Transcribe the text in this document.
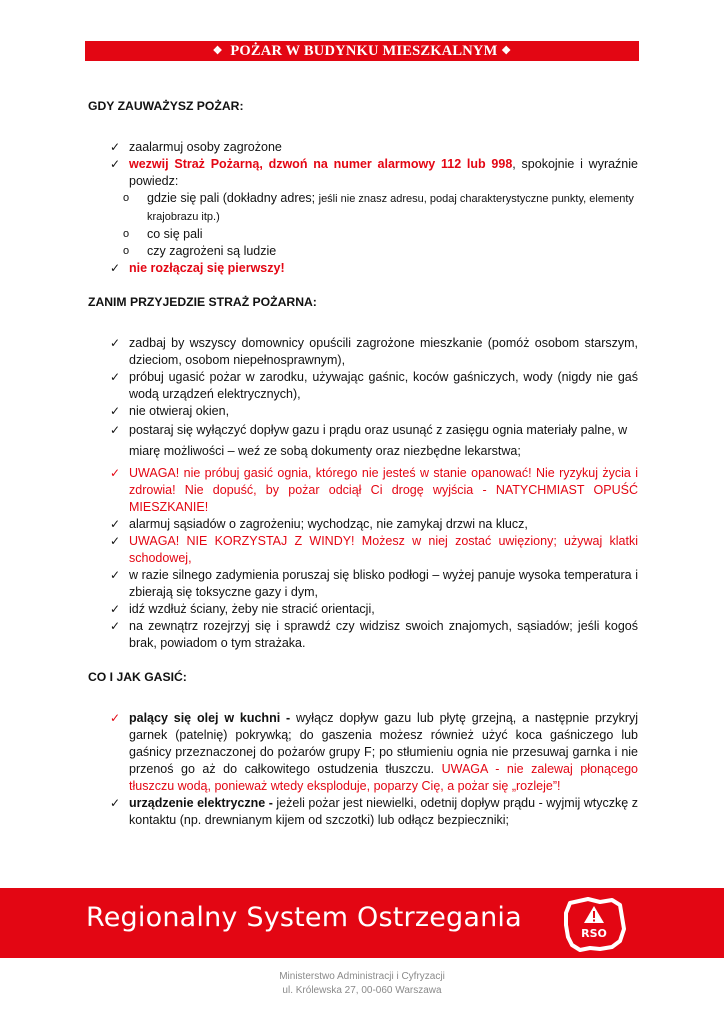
❖ POŻAR W BUDYNKU MIESZKALNYM ❖

GDY ZAUWAŻYSZ POŻAR:

✓ zaalarmuj osoby zagrożone
✓ wezwij Straż Pożarną, dzwoń na numer alarmowy 112 lub 998, spokojnie i wyraźnie powiedz:
o gdzie się pali (dokładny adres; jeśli nie znasz adresu, podaj charakterystyczne punkty, elementy krajobrazu itp.)
o co się pali
o czy zagrożeni są ludzie
✓ nie rozłączaj się pierwszy!

ZANIM PRZYJEDZIE STRAŻ POŻARNA:

✓ zadbaj by wszyscy domownicy opuścili zagrożone mieszkanie (pomóż osobom starszym, dzieciom, osobom niepełnosprawnym),
✓ próbuj ugasić pożar w zarodku, używając gaśnic, koców gaśniczych, wody (nigdy nie gaś wodą urządzeń elektrycznych),
✓ nie otwieraj okien,
✓ postaraj się wyłączyć dopływ gazu i prądu oraz usunąć z zasięgu ognia materiały palne, w miarę możliwości – weź ze sobą dokumenty oraz niezbędne lekarstwa;
✓ UWAGA! nie próbuj gasić ognia, którego nie jesteś w stanie opanować! Nie ryzykuj życia i zdrowia! Nie dopuść, by pożar odciął Ci drogę wyjścia - NATYCHMIAST OPUŚĆ MIESZKANIE!
✓ alarmuj sąsiadów o zagrożeniu; wychodząc, nie zamykaj drzwi na klucz,
✓ UWAGA! NIE KORZYSTAJ Z WINDY! Możesz w niej zostać uwięziony; używaj klatki schodowej,
✓ w razie silnego zadymienia poruszaj się blisko podłogi – wyżej panuje wysoka temperatura i zbierają się toksyczne gazy i dym,
✓ idź wzdłuż ściany, żeby nie stracić orientacji,
✓ na zewnątrz rozejrzyj się i sprawdź czy widzisz swoich znajomych, sąsiadów; jeśli kogoś brak, powiadom o tym strażaka.

CO I JAK GASIĆ:

✓ palący się olej w kuchni - wyłącz dopływ gazu lub płytę grzejną, a następnie przykryj garnek (patelnię) pokrywką; do gaszenia możesz również użyć koca gaśniczego lub gaśnicy przeznaczonej do pożarów grupy F; po stłumieniu ognia nie przesuwaj garnka i nie przenoś go aż do całkowitego ostudzenia tłuszczu. UWAGA - nie zalewaj płonącego tłuszczu wodą, ponieważ wtedy eksploduje, poparzy Cię, a pożar się „rozleje”!
✓ urządzenie elektryczne - jeżeli pożar jest niewielki, odetnij dopływ prądu - wyjmij wtyczkę z kontaktu (np. drewnianym kijem od szczotki) lub odłącz bezpieczniki;
Regionalny System Ostrzegania
RSO
Ministerstwo Administracji i Cyfryzacji
ul. Królewska 27, 00-060 Warszawa
